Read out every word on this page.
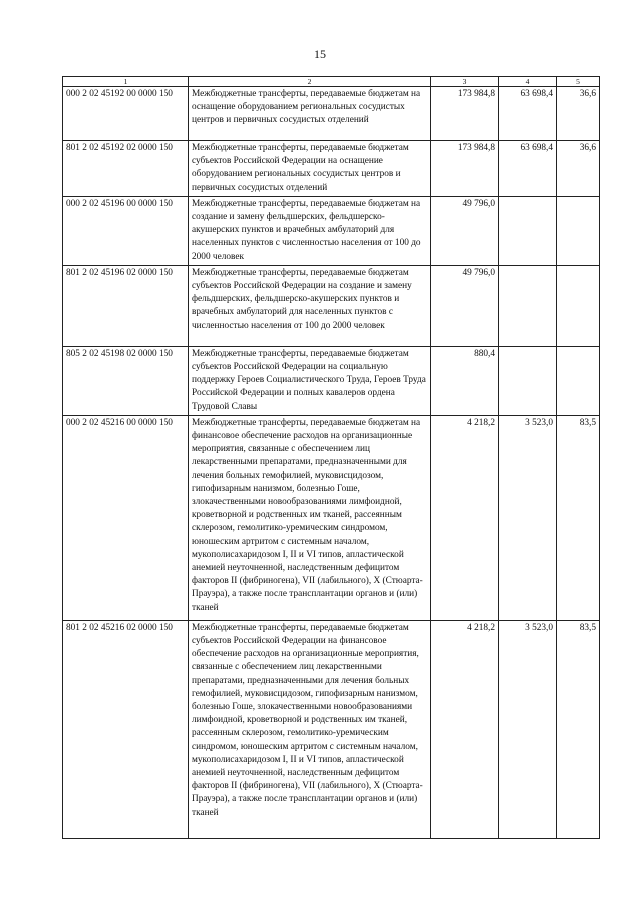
15
1	2	3	4	5
000 2 02 45192 00 0000 150	Межбюджетные трансферты, передаваемые бюджетам на оснащение оборудованием региональных сосудистых центров и первичных сосудистых отделений	173 984,8	63 698,4	36,6
801 2 02 45192 02 0000 150	Межбюджетные трансферты, передаваемые бюджетам субъектов Российской Федерации на оснащение оборудованием региональных сосудистых центров и первичных сосудистых отделений	173 984,8	63 698,4	36,6
000 2 02 45196 00 0000 150	Межбюджетные трансферты, передаваемые бюджетам на создание и замену фельдшерских, фельдшерско-акушерских пунктов и врачебных амбулаторий для населенных пунктов с численностью населения от 100 до 2000 человек	49 796,0		
801 2 02 45196 02 0000 150	Межбюджетные трансферты, передаваемые бюджетам субъектов Российской Федерации на создание и замену фельдшерских, фельдшерско-акушерских пунктов и врачебных амбулаторий для населенных пунктов с численностью населения от 100 до 2000 человек	49 796,0		
805 2 02 45198 02 0000 150	Межбюджетные трансферты, передаваемые бюджетам субъектов Российской Федерации на социальную поддержку Героев Социалистического Труда, Героев Труда Российской Федерации и полных кавалеров ордена Трудовой Славы	880,4		
000 2 02 45216 00 0000 150	Межбюджетные трансферты, передаваемые бюджетам на финансовое обеспечение расходов на организационные мероприятия, связанные с обеспечением лиц лекарственными препаратами, предназначенными для лечения больных гемофилией, муковисцидозом, гипофизарным нанизмом, болезнью Гоше, злокачественными новообразованиями лимфоидной, кроветворной и родственных им тканей, рассеянным склерозом, гемолитико-уремическим синдромом, юношеским артритом с системным началом, мукополисахаридозом I, II и VI типов, апластической анемией неуточненной, наследственным дефицитом факторов II (фибриногена), VII (лабильного), X (Стюарта-Прауэра), а также после трансплантации органов и (или) тканей	4 218,2	3 523,0	83,5
801 2 02 45216 02 0000 150	Межбюджетные трансферты, передаваемые бюджетам субъектов Российской Федерации на финансовое обеспечение расходов на организационные мероприятия, связанные с обеспечением лиц лекарственными препаратами, предназначенными для лечения больных гемофилией, муковисцидозом, гипофизарным нанизмом, болезнью Гоше, злокачественными новообразованиями лимфоидной, кроветворной и родственных им тканей, рассеянным склерозом, гемолитико-уремическим синдромом, юношеским артритом с системным началом, мукополисахаридозом I, II и VI типов, апластической анемией неуточненной, наследственным дефицитом факторов II (фибриногена), VII (лабильного), X (Стюарта-Прауэра), а также после трансплантации органов и (или) тканей	4 218,2	3 523,0	83,5
